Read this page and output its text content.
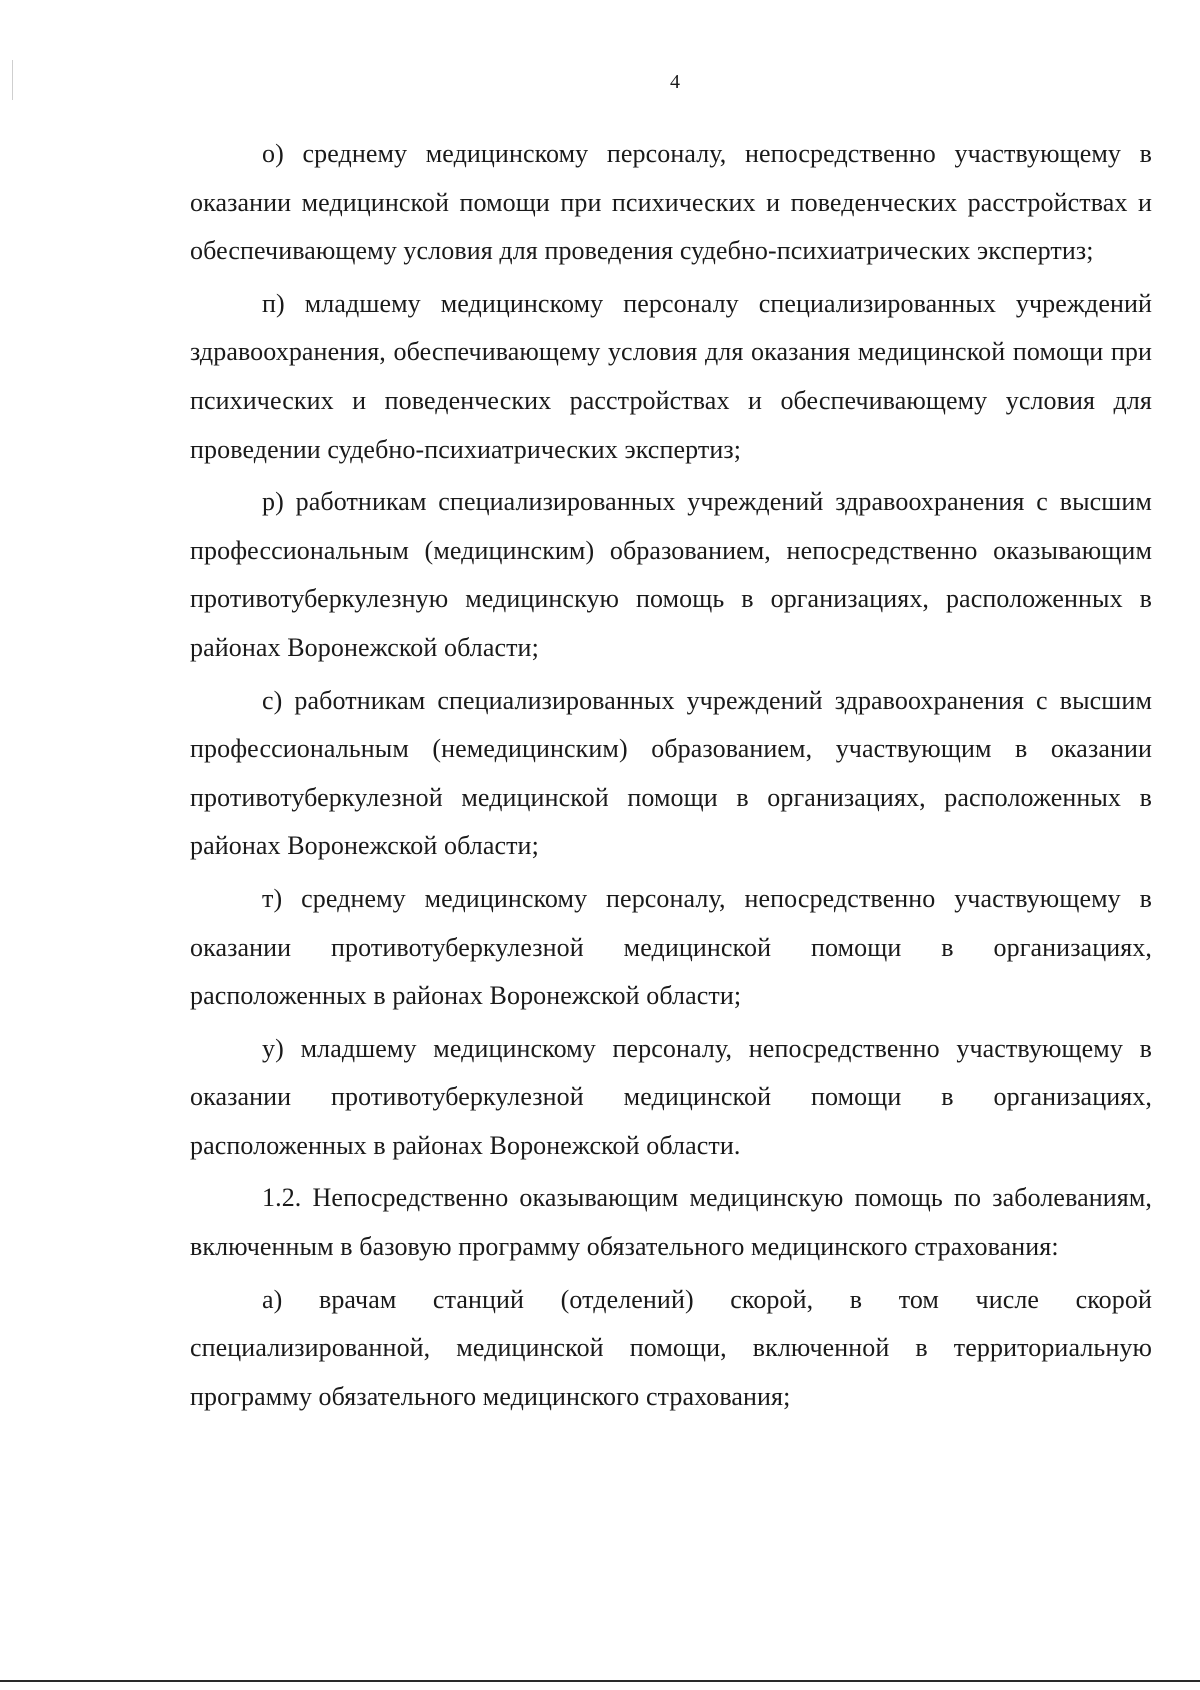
4

о) среднему медицинскому персоналу, непосредственно участвующему в оказании медицинской помощи при психических и поведенческих расстройствах и обеспечивающему условия для проведения судебно-психиатрических экспертиз;

п) младшему медицинскому персоналу специализированных учреждений здравоохранения, обеспечивающему условия для оказания медицинской помощи при психических и поведенческих расстройствах и обеспечивающему условия для проведении судебно-психиатрических экспертиз;

р) работникам специализированных учреждений здравоохранения с высшим профессиональным (медицинским) образованием, непосредственно оказывающим противотуберкулезную медицинскую помощь в организациях, расположенных в районах Воронежской области;

с) работникам специализированных учреждений здравоохранения с высшим профессиональным (немедицинским) образованием, участвующим в оказании противотуберкулезной медицинской помощи в организациях, расположенных в районах Воронежской области;

т) среднему медицинскому персоналу, непосредственно участвующему в оказании противотуберкулезной медицинской помощи в организациях, расположенных в районах Воронежской области;

у) младшему медицинскому персоналу, непосредственно участвующему в оказании противотуберкулезной медицинской помощи в организациях, расположенных в районах Воронежской области.

1.2. Непосредственно оказывающим медицинскую помощь по заболеваниям, включенным в базовую программу обязательного медицинского страхования:

а) врачам станций (отделений) скорой, в том числе скорой специализированной, медицинской помощи, включенной в территориальную программу обязательного медицинского страхования;
